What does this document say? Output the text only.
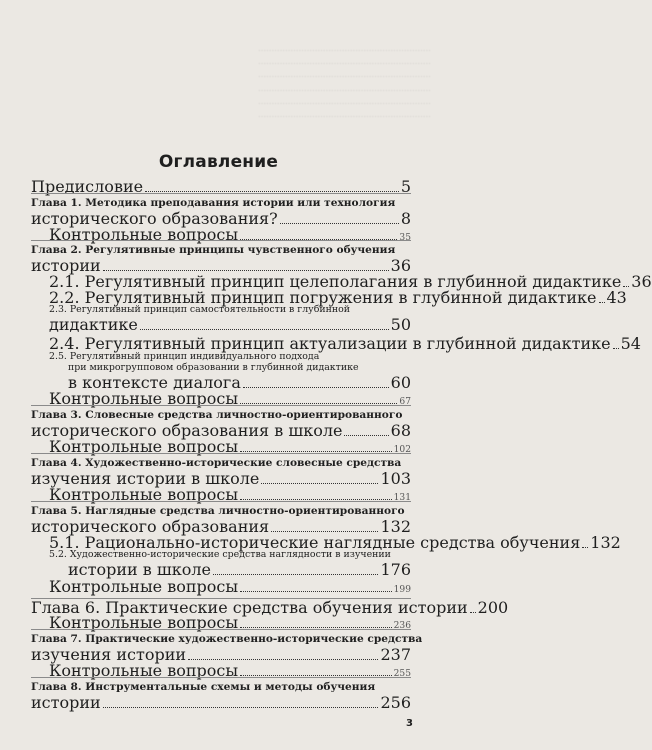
................................................................
................................................................
................................................................
................................................................
................................................................
................................................................
Оглавление
Предисловие	5
Глава 1. Методика преподавания истории или технология
исторического образования?	8
Контрольные вопросы	35
Глава 2. Регулятивные принципы чувственного обучения
истории	36
2.1. Регулятивный принцип целеполагания в глубинной дидактике 36
2.2. Регулятивный принцип погружения в глубинной дидактике 43
2.3. Регулятивный принцип самостоятельности в глубинной
дидактике	50
2.4. Регулятивный принцип актуализации в глубинной дидактике 54
2.5. Регулятивный принцип индивидуального подхода
при микрогрупповом образовании в глубинной дидактике
в контексте диалога	60
Контрольные вопросы	67
Глава 3. Словесные средства личностно-ориентированного
исторического образования в школе	68
Контрольные вопросы	102
Глава 4. Художественно-исторические словесные средства
изучения истории в школе	103
Контрольные вопросы	131
Глава 5. Наглядные средства личностно-ориентированного
исторического образования	132
5.1. Рационально-исторические наглядные средства обучения 132
5.2. Художественно-исторические средства наглядности в изучении
истории в школе	176
Контрольные вопросы	199
Глава 6. Практические средства обучения истории 200
Контрольные вопросы	236
Глава 7. Практические художественно-исторические средства
изучения истории	237
Контрольные вопросы	255
Глава 8. Инструментальные схемы и методы обучения
истории	256
3
